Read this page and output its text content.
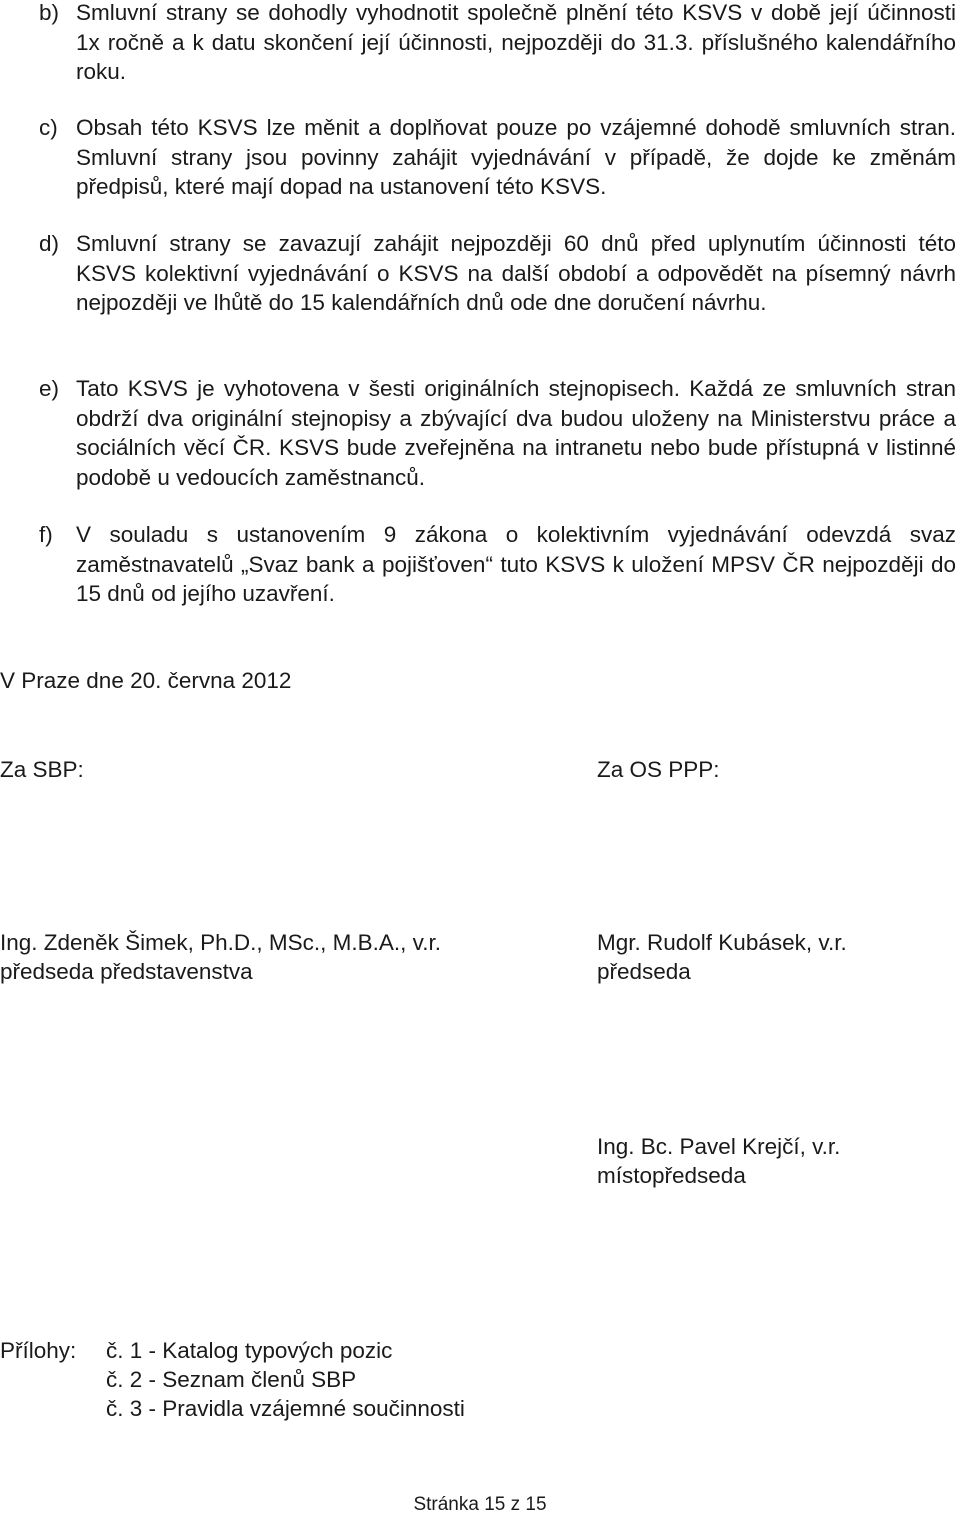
b) Smluvní strany se dohodly vyhodnotit společně plnění této KSVS v době její účinnosti 1x ročně a k datu skončení její účinnosti, nejpozději do 31.3. příslušného kalendářního roku.
c) Obsah této KSVS lze měnit a doplňovat pouze po vzájemné dohodě smluvních stran. Smluvní strany jsou povinny zahájit vyjednávání v případě, že dojde ke změnám předpisů, které mají dopad na ustanovení této KSVS.
d) Smluvní strany se zavazují zahájit nejpozději 60 dnů před uplynutím účinnosti této KSVS kolektivní vyjednávání o KSVS na další období a odpovědět na písemný návrh nejpozději ve lhůtě do 15 kalendářních dnů ode dne doručení návrhu.
e) Tato KSVS je vyhotovena v šesti originálních stejnopisech. Každá ze smluvních stran obdrží dva originální stejnopisy a zbývající dva budou uloženy na Ministerstvu práce a sociálních věcí ČR. KSVS bude zveřejněna na intranetu nebo bude přístupná v listinné podobě u vedoucích zaměstnanců.
f) V souladu s ustanovením 9 zákona o kolektivním vyjednávání odevzdá svaz zaměstnavatelů „Svaz bank a pojišťoven“ tuto KSVS k uložení MPSV ČR nejpozději do 15 dnů od jejího uzavření.
V Praze dne 20. června 2012
Za SBP:	Za OS PPP:
Ing. Zdeněk Šimek, Ph.D., MSc., M.B.A., v.r.
předseda představenstva
Mgr. Rudolf Kubásek, v.r.
předseda
Ing. Bc. Pavel Krejčí, v.r.
místopředseda
Přílohy: č. 1 - Katalog typových pozic
č. 2 - Seznam členů SBP
č. 3 - Pravidla vzájemné součinnosti
Stránka 15 z 15
